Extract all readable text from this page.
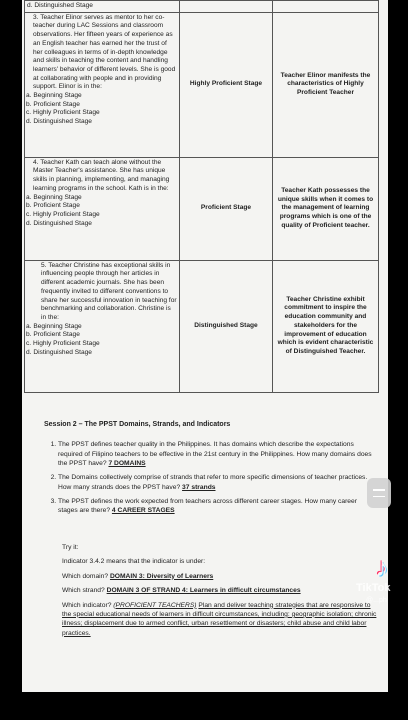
d. Distinguished Stage		

3. Teacher Elinor serves as mentor to her co-teacher during LAC Sessions and classroom observations. Her fifteen years of experience as an English teacher has earned her the trust of her colleagues in terms of in-depth knowledge and skills in teaching the content and handling learners' behavior of different levels. She is good at collaborating with people and in providing support. Elinor is in the:
a. Beginning Stage
b. Proficient Stage
c. Highly Proficient Stage
d. Distinguished Stage	Highly Proficient Stage	Teacher Elinor manifests the characteristics of Highly Proficient Teacher

4. Teacher Kath can teach alone without the Master Teacher's assistance. She has unique skills in planning, implementing, and managing learning programs in the school. Kath is in the:
a. Beginning Stage
b. Proficient Stage
c. Highly Proficient Stage
d. Distinguished Stage	Proficient Stage	Teacher Kath possesses the unique skills when it comes to the management of learning programs which is one of the quality of Proficient teacher.

5. Teacher Christine has exceptional skills in influencing people through her articles in different academic journals. She has been frequently invited to different conventions to share her successful innovation in teaching for benchmarking and collaboration. Christine is in the:
a. Beginning Stage
b. Proficient Stage
c. Highly Proficient Stage
d. Distinguished Stage	Distinguished Stage	Teacher Christine exhibit commitment to inspire the education community and stakeholders for the improvement of education which is evident characteristic of Distinguished Teacher.
Session 2 – The PPST Domains, Strands, and Indicators
1. The PPST defines teacher quality in the Philippines. It has domains which describe the expectations required of Filipino teachers to be effective in the 21st century in the Philippines. How many domains does the PPST have? 7 DOMAINS
2. The Domains collectively comprise of strands that refer to more specific dimensions of teacher practices. How many strands does the PPST have? 37 strands
3. The PPST defines the work expected from teachers across different career stages. How many career stages are there? 4 CAREER STAGES

Try it:

Indicator 3.4.2 means that the indicator is under:

Which domain? DOMAIN 3: Diversity of Learners

Which strand? DOMAIN 3 OF STRAND 4: Learners in difficult circumstances

Which indicator? (PROFICIENT TEACHERS) Plan and deliver teaching strategies that are responsive to the special educational needs of learners in difficult circumstances, including: geographic isolation; chronic illness; displacement due to armed conflict, urban resettlement or disasters; child abuse and child labor practices.

♪
TikTok
@...ph
